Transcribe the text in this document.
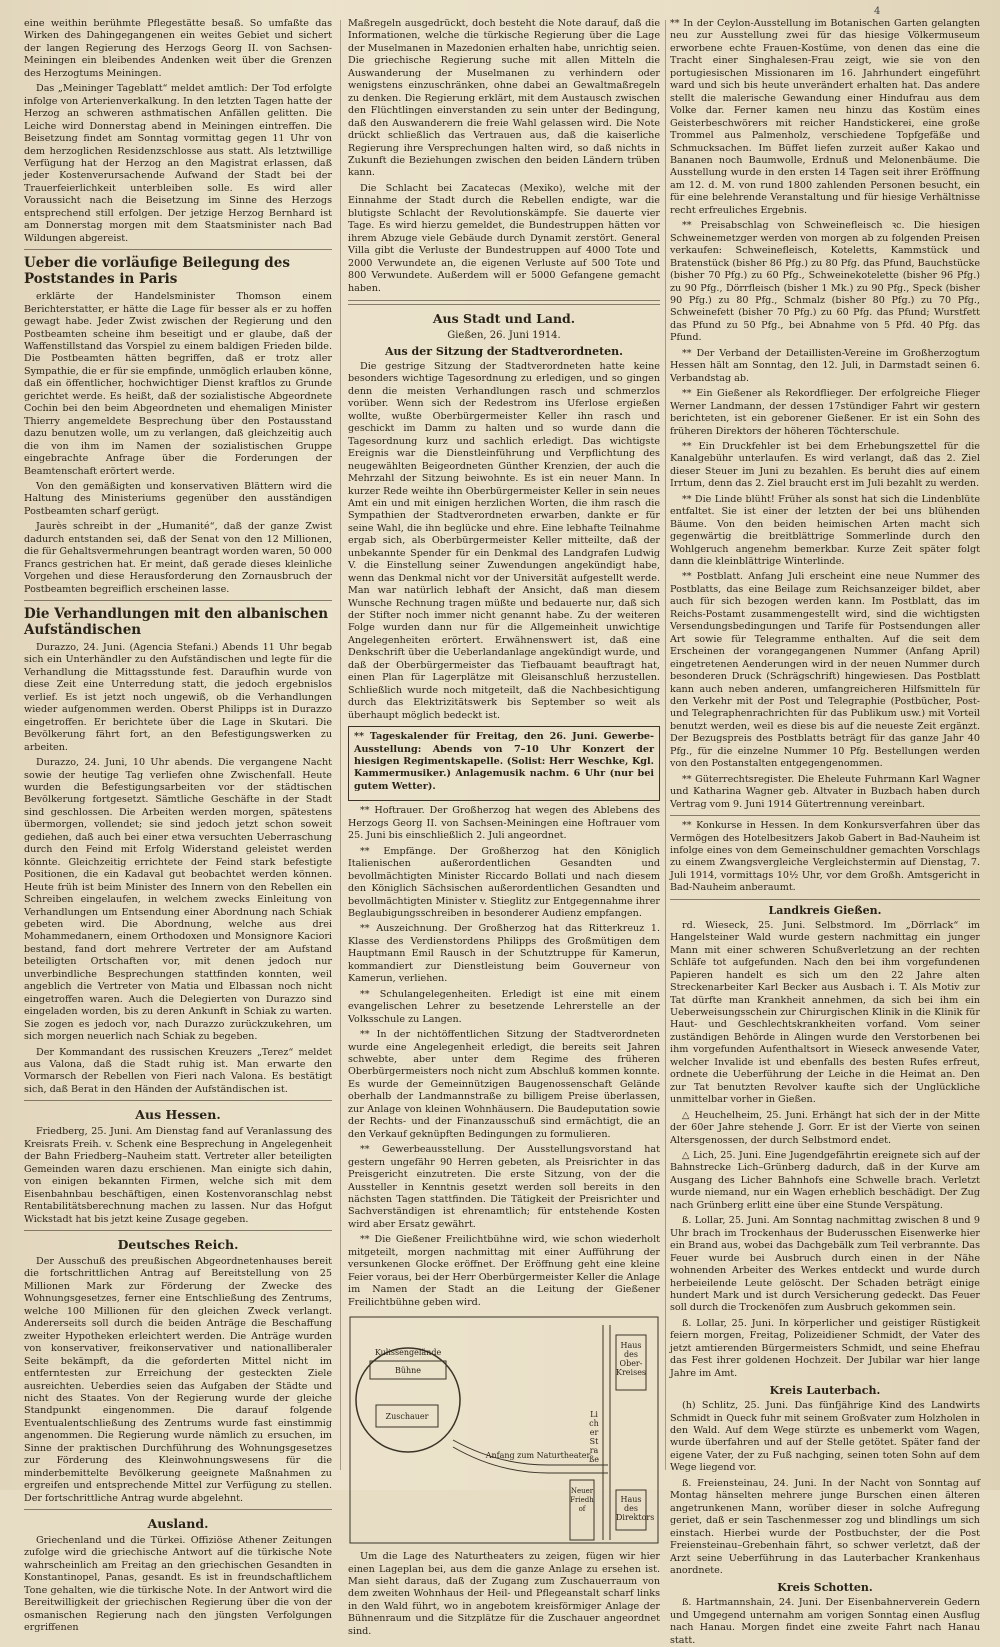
4

eine weithin berühmte Pflegestätte besaß. So umfaßte das Wirken des Dahingegangenen ein weites Gebiet und sichert der langen Regierung des Herzogs Georg II. von Sachsen-Meiningen ein bleibendes Andenken weit über die Grenzen des Herzogtums Meiningen.

Das „Meininger Tageblatt“ meldet amtlich: Der Tod erfolgte infolge von Arterienverkalkung. In den letzten Tagen hatte der Herzog an schweren asthmatischen Anfällen gelitten. Die Leiche wird Donnerstag abend in Meiningen eintreffen. Die Beisetzung findet am Sonntag vormittag gegen 11 Uhr von dem herzoglichen Residenzschlosse aus statt. Als letztwillige Verfügung hat der Herzog an den Magistrat erlassen, daß jeder Kostenverursachende Aufwand der Stadt bei der Trauerfeierlichkeit unterbleiben solle. Es wird aller Voraussicht nach die Beisetzung im Sinne des Herzogs entsprechend still erfolgen. Der jetzige Herzog Bernhard ist am Donnerstag morgen mit dem Staatsminister nach Bad Wildungen abgereist.

Ueber die vorläufige Beilegung des Poststandes in Paris

erklärte der Handelsminister Thomson einem Berichterstatter, er hätte die Lage für besser als er zu hoffen gewagt habe. Jeder Zwist zwischen der Regierung und den Postbeamten scheine ihm beseitigt und er glaube, daß der Waffenstillstand das Vorspiel zu einem baldigen Frieden bilde. Die Postbeamten hätten begriffen, daß er trotz aller Sympathie, die er für sie empfinde, unmöglich erlauben könne, daß ein öffentlicher, hochwichtiger Dienst kraftlos zu Grunde gerichtet werde. Es heißt, daß der sozialistische Abgeordnete Cochin bei den beim Abgeordneten und ehemaligen Minister Thierry angemeldete Besprechung über den Postausstand dazu benutzen wolle, um zu verlangen, daß gleichzeitig auch die von ihm im Namen der sozialistischen Gruppe eingebrachte Anfrage über die Forderungen der Beamtenschaft erörtert werde.

Von den gemäßigten und konservativen Blättern wird die Haltung des Ministeriums gegenüber den ausständigen Postbeamten scharf gerügt.

Jaurès schreibt in der „Humanité“, daß der ganze Zwist dadurch entstanden sei, daß der Senat von den 12 Millionen, die für Gehaltsvermehrungen beantragt worden waren, 50 000 Francs gestrichen hat. Er meint, daß gerade dieses kleinliche Vorgehen und diese Herausforderung den Zornausbruch der Postbeamten begreiflich erscheinen lasse.

Die Verhandlungen mit den albanischen Aufständischen

Durazzo, 24. Juni. (Agencia Stefani.) Abends 11 Uhr begab sich ein Unterhändler zu den Aufständischen und legte für die Verhandlung die Mittagsstunde fest. Daraufhin wurde von diese Zeit eine Unterredung statt, die jedoch ergebnislos verlief. Es ist jetzt noch ungewiß, ob die Verhandlungen wieder aufgenommen werden. Oberst Philipps ist in Durazzo eingetroffen. Er berichtete über die Lage in Skutari. Die Bevölkerung fährt fort, an den Befestigungswerken zu arbeiten.

Durazzo, 24. Juni, 10 Uhr abends. Die vergangene Nacht sowie der heutige Tag verliefen ohne Zwischenfall. Heute wurden die Befestigungsarbeiten vor der städtischen Bevölkerung fortgesetzt. Sämtliche Geschäfte in der Stadt sind geschlossen. Die Arbeiten werden morgen, spätestens übermorgen, vollendet; sie sind jedoch jetzt schon soweit gediehen, daß auch bei einer etwa versuchten Ueberraschung durch den Feind mit Erfolg Widerstand geleistet werden könnte. Gleichzeitig errichtete der Feind stark befestigte Positionen, die ein Kadaval gut beobachtet werden können. Heute früh ist beim Minister des Innern von den Rebellen ein Schreiben eingelaufen, in welchem zwecks Einleitung von Verhandlungen um Entsendung einer Abordnung nach Schiak gebeten wird. Die Abordnung, welche aus drei Mohammedanern, einem Orthodoxen und Monsignore Kaciori bestand, fand dort mehrere Vertreter der am Aufstand beteiligten Ortschaften vor, mit denen jedoch nur unverbindliche Besprechungen stattfinden konnten, weil angeblich die Vertreter von Matia und Elbassan noch nicht eingetroffen waren. Auch die Delegierten von Durazzo sind eingeladen worden, bis zu deren Ankunft in Schiak zu warten. Sie zogen es jedoch vor, nach Durazzo zurückzukehren, um sich morgen neuerlich nach Schiak zu begeben.

Der Kommandant des russischen Kreuzers „Terez“ meldet aus Valona, daß die Stadt ruhig ist. Man erwarte den Vormarsch der Rebellen von Fieri nach Valona. Es bestätigt sich, daß Berat in den Händen der Aufständischen ist.

Aus Hessen.

Friedberg, 25. Juni. Am Dienstag fand auf Veranlassung des Kreisrats Freih. v. Schenk eine Besprechung in Angelegenheit der Bahn Friedberg–Nauheim statt. Vertreter aller beteiligten Gemeinden waren dazu erschienen. Man einigte sich dahin, von einigen bekannten Firmen, welche sich mit dem Eisenbahnbau beschäftigen, einen Kostenvoranschlag nebst Rentabilitätsberechnung machen zu lassen. Nur das Hofgut Wickstadt hat bis jetzt keine Zusage gegeben.

Deutsches Reich.

Der Ausschuß des preußischen Abgeordnetenhauses bereit die fortschrittlichen Antrag auf Bereitstellung von 25 Millionen Mark zur Förderung der Zwecke des Wohnungsgesetzes, ferner eine Entschließung des Zentrums, welche 100 Millionen für den gleichen Zweck verlangt. Andererseits soll durch die beiden Anträge die Beschaffung zweiter Hypotheken erleichtert werden. Die Anträge wurden von konservativer, freikonservativer und nationalliberaler Seite bekämpft, da die geforderten Mittel nicht im entferntesten zur Erreichung der gesteckten Ziele ausreichten. Ueberdies seien das Aufgaben der Städte und nicht des Staates. Von der Regierung wurde der gleiche Standpunkt eingenommen. Die darauf folgende Eventualentschließung des Zentrums wurde fast einstimmig angenommen. Die Regierung wurde nämlich zu ersuchen, im Sinne der praktischen Durchführung des Wohnungsgesetzes zur Förderung des Kleinwohnungswesens für die minderbemittelte Bevölkerung geeignete Maßnahmen zu ergreifen und entsprechende Mittel zur Verfügung zu stellen. Der fortschrittliche Antrag wurde abgelehnt.

Ausland.

Griechenland und die Türkei. Offiziöse Athener Zeitungen zufolge wird die griechische Antwort auf die türkische Note wahrscheinlich am Freitag an den griechischen Gesandten in Konstantinopel, Panas, gesandt. Es ist in freundschaftlichem Tone gehalten, wie die türkische Note. In der Antwort wird die Bereitwilligkeit der griechischen Regierung über die von der osmanischen Regierung nach den jüngsten Verfolgungen ergriffenen

Maßregeln ausgedrückt, doch besteht die Note darauf, daß die Informationen, welche die türkische Regierung über die Lage der Muselmanen in Mazedonien erhalten habe, unrichtig seien. Die griechische Regierung suche mit allen Mitteln die Auswanderung der Muselmanen zu verhindern oder wenigstens einzuschränken, ohne dabei an Gewaltmaßregeln zu denken. Die Regierung erklärt, mit dem Austausch zwischen den Flüchtlingen einverstanden zu sein unter der Bedingung, daß den Auswanderern die freie Wahl gelassen wird. Die Note drückt schließlich das Vertrauen aus, daß die kaiserliche Regierung ihre Versprechungen halten wird, so daß nichts in Zukunft die Beziehungen zwischen den beiden Ländern trüben kann.

Die Schlacht bei Zacatecas (Mexiko), welche mit der Einnahme der Stadt durch die Rebellen endigte, war die blutigste Schlacht der Revolutionskämpfe. Sie dauerte vier Tage. Es wird hierzu gemeldet, die Bundestruppen hätten vor ihrem Abzuge viele Gebäude durch Dynamit zerstört. General Villa gibt die Verluste der Bundestruppen auf 4000 Tote und 2000 Verwundete an, die eigenen Verluste auf 500 Tote und 800 Verwundete. Außerdem will er 5000 Gefangene gemacht haben.

Aus Stadt und Land.
Gießen, 26. Juni 1914.
Aus der Sitzung der Stadtverordneten.

Die gestrige Sitzung der Stadtverordneten hatte keine besonders wichtige Tagesordnung zu erledigen, und so gingen denn die meisten Verhandlungen rasch und schmerzlos vorüber. Wenn sich der Redestrom ins Uferlose ergießen wollte, wußte Oberbürgermeister Keller ihn rasch und geschickt im Damm zu halten und so wurde dann die Tagesordnung kurz und sachlich erledigt. Das wichtigste Ereignis war die Dienstleinführung und Verpflichtung des neugewählten Beigeordneten Günther Krenzien, der auch die Mehrzahl der Sitzung beiwohnte. Es ist ein neuer Mann. In kurzer Rede weihte ihn Oberbürgermeister Keller in sein neues Amt ein und mit einigen herzlichen Worten, die ihm rasch die Sympathien der Stadtverordneten erwarben, dankte er für seine Wahl, die ihn beglücke und ehre. Eine lebhafte Teilnahme ergab sich, als Oberbürgermeister Keller mitteilte, daß der unbekannte Spender für ein Denkmal des Landgrafen Ludwig V. die Einstellung seiner Zuwendungen angekündigt habe, wenn das Denkmal nicht vor der Universität aufgestellt werde. Man war natürlich lebhaft der Ansicht, daß man diesem Wunsche Rechnung tragen müßte und bedauerte nur, daß sich der Stifter noch immer nicht genannt habe. Zu der weiteren Folge wurden dann nur für die Allgemeinheit unwichtige Angelegenheiten erörtert. Erwähnenswert ist, daß eine Denkschrift über die Ueberlandanlage angekündigt wurde, und daß der Oberbürgermeister das Tiefbauamt beauftragt hat, einen Plan für Lagerplätze mit Gleisanschluß herzustellen. Schließlich wurde noch mitgeteilt, daß die Nachbesichtigung durch das Elektrizitätswerk bis September so weit als überhaupt möglich bedeckt ist.

** Tageskalender für Freitag, den 26. Juni. Gewerbe-Ausstellung: Abends von 7–10 Uhr Konzert der hiesigen Regimentskapelle. (Solist: Herr Weschke, Kgl. Kammermusiker.) Anlagemusik nachm. 6 Uhr (nur bei gutem Wetter).

** Hoftrauer. Der Großherzog hat wegen des Ablebens des Herzogs Georg II. von Sachsen-Meiningen eine Hoftrauer vom 25. Juni bis einschließlich 2. Juli angeordnet.

** Empfänge. Der Großherzog hat den Königlich Italienischen außerordentlichen Gesandten und bevollmächtigten Minister Riccardo Bollati und nach diesem den Königlich Sächsischen außerordentlichen Gesandten und bevollmächtigten Minister v. Stieglitz zur Entgegennahme ihrer Beglaubigungsschreiben in besonderer Audienz empfangen.

** Auszeichnung. Der Großherzog hat das Ritterkreuz 1. Klasse des Verdienstordens Philipps des Großmütigen dem Hauptmann Emil Rausch in der Schutztruppe für Kamerun, kommandiert zur Dienstleistung beim Gouverneur von Kamerun, verliehen.

** Schulangelegenheiten. Erledigt ist eine mit einem evangelischen Lehrer zu besetzende Lehrerstelle an der Volksschule zu Langen.

** In der nichtöffentlichen Sitzung der Stadtverordneten wurde eine Angelegenheit erledigt, die bereits seit Jahren schwebte, aber unter dem Regime des früheren Oberbürgermeisters noch nicht zum Abschluß kommen konnte. Es wurde der Gemeinnützigen Baugenossenschaft Gelände oberhalb der Landmannstraße zu billigem Preise überlassen, zur Anlage von kleinen Wohnhäusern. Die Baudeputation sowie der Rechts- und der Finanzausschuß sind ermächtigt, die an den Verkauf geknüpften Bedingungen zu formulieren.

** Gewerbeausstellung. Der Ausstellungsvorstand hat gestern ungefähr 90 Herren gebeten, als Preisrichter in das Preisgericht einzutreten. Die erste Sitzung, von der die Aussteller in Kenntnis gesetzt werden soll bereits in den nächsten Tagen stattfinden. Die Tätigkeit der Preisrichter und Sachverständigen ist ehrenamtlich; für entstehende Kosten wird aber Ersatz gewährt.

** Die Gießener Freilichtbühne wird, wie schon wiederholt mitgeteilt, morgen nachmittag mit einer Aufführung der versunkenen Glocke eröffnet. Der Eröffnung geht eine kleine Feier voraus, bei der Herr Oberbürgermeister Keller die Anlage im Namen der Stadt an die Leitung der Gießener Freilichtbühne geben wird.

Kulissengelände
Bühne
Zuschauer
Anfang zum Naturtheater
Haus des Ober-Kreises
Licher Straße
Neuer Friedhof
Haus des Direktors

Um die Lage des Naturtheaters zu zeigen, fügen wir hier einen Lageplan bei, aus dem die ganze Anlage zu ersehen ist. Man sieht daraus, daß der Zugang zum Zuschauerraum von dem zweiten Wohnhaus der Heil- und Pflegeanstalt scharf links in den Wald führt, wo in angebotem kreisförmiger Anlage der Bühnenraum und die Sitzplätze für die Zuschauer angeordnet sind.

** In der Ceylon-Ausstellung im Botanischen Garten gelangten neu zur Ausstellung zwei für das hiesige Völkermuseum erworbene echte Frauen-Kostüme, von denen das eine die Tracht einer Singhalesen-Frau zeigt, wie sie von den portugiesischen Missionaren im 16. Jahrhundert eingeführt ward und sich bis heute unverändert erhalten hat. Das andere stellt die malerische Gewandung einer Hindufrau aus dem Volke dar. Ferner kamen neu hinzu das Kostüm eines Geisterbeschwörers mit reicher Handstickerei, eine große Trommel aus Palmenholz, verschiedene Topfgefäße und Schmucksachen. Im Büffet liefen zurzeit außer Kakao und Bananen noch Baumwolle, Erdnuß und Melonenbäume. Die Ausstellung wurde in den ersten 14 Tagen seit ihrer Eröffnung am 12. d. M. von rund 1800 zahlenden Personen besucht, ein für eine belehrende Veranstaltung und für hiesige Verhältnisse recht erfreuliches Ergebnis.

** Preisabschlag von Schweinefleisch ꝛc. Die hiesigen Schweinemetzger werden von morgen ab zu folgenden Preisen verkaufen: Schweinefleisch, Koteletts, Kammstück und Bratenstück (bisher 86 Pfg.) zu 80 Pfg. das Pfund, Bauchstücke (bisher 70 Pfg.) zu 60 Pfg., Schweinekotelette (bisher 96 Pfg.) zu 90 Pfg., Dörrfleisch (bisher 1 Mk.) zu 90 Pfg., Speck (bisher 90 Pfg.) zu 80 Pfg., Schmalz (bisher 80 Pfg.) zu 70 Pfg., Schweinefett (bisher 70 Pfg.) zu 60 Pfg. das Pfund; Wurstfett das Pfund zu 50 Pfg., bei Abnahme von 5 Pfd. 40 Pfg. das Pfund.

** Der Verband der Detaillisten-Vereine im Großherzogtum Hessen hält am Sonntag, den 12. Juli, in Darmstadt seinen 6. Verbandstag ab.

** Ein Gießener als Rekordflieger. Der erfolgreiche Flieger Werner Landmann, der dessen 17stündiger Fahrt wir gestern berichteten, ist ein geborener Gießener. Er ist ein Sohn des früheren Direktors der höheren Töchterschule.

** Ein Druckfehler ist bei dem Erhebungszettel für die Kanalgebühr unterlaufen. Es wird verlangt, daß das 2. Ziel dieser Steuer im Juni zu bezahlen. Es beruht dies auf einem Irrtum, denn das 2. Ziel braucht erst im Juli bezahlt zu werden.

** Die Linde blüht! Früher als sonst hat sich die Lindenblüte entfaltet. Sie ist einer der letzten der bei uns blühenden Bäume. Von den beiden heimischen Arten macht sich gegenwärtig die breitblättrige Sommerlinde durch den Wohlgeruch angenehm bemerkbar. Kurze Zeit später folgt dann die kleinblättrige Winterlinde.

** Postblatt. Anfang Juli erscheint eine neue Nummer des Postblatts, das eine Beilage zum Reichsanzeiger bildet, aber auch für sich bezogen werden kann. Im Postblatt, das im Reichs-Postamt zusammengestellt wird, sind die wichtigsten Versendungsbedingungen und Tarife für Postsendungen aller Art sowie für Telegramme enthalten. Auf die seit dem Erscheinen der vorangegangenen Nummer (Anfang April) eingetretenen Aenderungen wird in der neuen Nummer durch besonderen Druck (Schrägschrift) hingewiesen. Das Postblatt kann auch neben anderen, umfangreicheren Hilfsmitteln für den Verkehr mit der Post und Telegraphie (Postbücher, Post- und Telegraphenrachrichten für das Publikum usw.) mit Vorteil benutzt werden, weil es diese bis auf die neueste Zeit ergänzt. Der Bezugspreis des Postblatts beträgt für das ganze Jahr 40 Pfg., für die einzelne Nummer 10 Pfg. Bestellungen werden von den Postanstalten entgegengenommen.

** Güterrechtsregister. Die Eheleute Fuhrmann Karl Wagner und Katharina Wagner geb. Altvater in Buzbach haben durch Vertrag vom 9. Juni 1914 Gütertrennung vereinbart.

** Konkurse in Hessen. In dem Konkursverfahren über das Vermögen des Hotelbesitzers Jakob Gabert in Bad-Nauheim ist infolge eines von dem Gemeinschuldner gemachten Vorschlags zu einem Zwangsvergleiche Vergleichstermin auf Dienstag, 7. Juli 1914, vormittags 10½ Uhr, vor dem Großh. Amtsgericht in Bad-Nauheim anberaumt.

Landkreis Gießen.

rd. Wieseck, 25. Juni. Selbstmord. Im „Dörrlack“ im Hangelsteiner Wald wurde gestern nachmittag ein junger Mann mit einer schweren Schußverletzung an der rechten Schläfe tot aufgefunden. Nach den bei ihm vorgefundenen Papieren handelt es sich um den 22 Jahre alten Streckenarbeiter Karl Becker aus Ausbach i. T. Als Motiv zur Tat dürfte man Krankheit annehmen, da sich bei ihm ein Ueberweisungsschein zur Chirurgischen Klinik in die Klinik für Haut- und Geschlechtskrankheiten vorfand. Vom seiner zuständigen Behörde in Alingen wurde den Verstorbenen bei ihm vorgefunden Aufenthaltsort in Wieseck anwesende Vater, welcher Invalide ist und ebenfalls des besten Rufes erfreut, ordnete die Ueberführung der Leiche in die Heimat an. Den zur Tat benutzten Revolver kaufte sich der Unglückliche unmittelbar vorher in Gießen.

△ Heuchelheim, 25. Juni. Erhängt hat sich der in der Mitte der 60er Jahre stehende J. Gorr. Er ist der Vierte von seinen Altersgenossen, der durch Selbstmord endet.

△ Lich, 25. Juni. Eine Jugendgefährtin ereignete sich auf der Bahnstrecke Lich–Grünberg dadurch, daß in der Kurve am Ausgang des Licher Bahnhofs eine Schwelle brach. Verletzt wurde niemand, nur ein Wagen erheblich beschädigt. Der Zug nach Grünberg erlitt eine über eine Stunde Verspätung.

ß. Lollar, 25. Juni. Am Sonntag nachmittag zwischen 8 und 9 Uhr brach im Trockenhaus der Buderusschen Eisenwerke hier ein Brand aus, wobei das Dachgebälk zum Teil verbrannte. Das Feuer wurde bei Ausbruch durch einen in der Nähe wohnenden Arbeiter des Werkes entdeckt und wurde durch herbeieilende Leute gelöscht. Der Schaden beträgt einige hundert Mark und ist durch Versicherung gedeckt. Das Feuer soll durch die Trockenöfen zum Ausbruch gekommen sein.

ß. Lollar, 25. Juni. In körperlicher und geistiger Rüstigkeit feiern morgen, Freitag, Polizeidiener Schmidt, der Vater des jetzt amtierenden Bürgermeisters Schmidt, und seine Ehefrau das Fest ihrer goldenen Hochzeit. Der Jubilar war hier lange Jahre im Amt.

Kreis Lauterbach.

(h) Schlitz, 25. Juni. Das fünfjährige Kind des Landwirts Schmidt in Queck fuhr mit seinem Großvater zum Holzholen in den Wald. Auf dem Wege stürzte es unbemerkt vom Wagen, wurde überfahren und auf der Stelle getötet. Später fand der eigene Vater, der zu Fuß nachging, seinen toten Sohn auf dem Wege liegend vor.

ß. Freiensteinau, 24. Juni. In der Nacht von Sonntag auf Montag hänselten mehrere junge Burschen einen älteren angetrunkenen Mann, worüber dieser in solche Aufregung geriet, daß er sein Taschenmesser zog und blindlings um sich einstach. Hierbei wurde der Postbuchster, der die Post Freiensteinau–Grebenhain fährt, so schwer verletzt, daß der Arzt seine Ueberführung in das Lauterbacher Krankenhaus anordnete.

Kreis Schotten.

ß. Hartmannshain, 24. Juni. Der Eisenbahnerverein Gedern und Umgegend unternahm am vorigen Sonntag einen Ausflug nach Hanau. Morgen findet eine zweite Fahrt nach Hanau statt.
